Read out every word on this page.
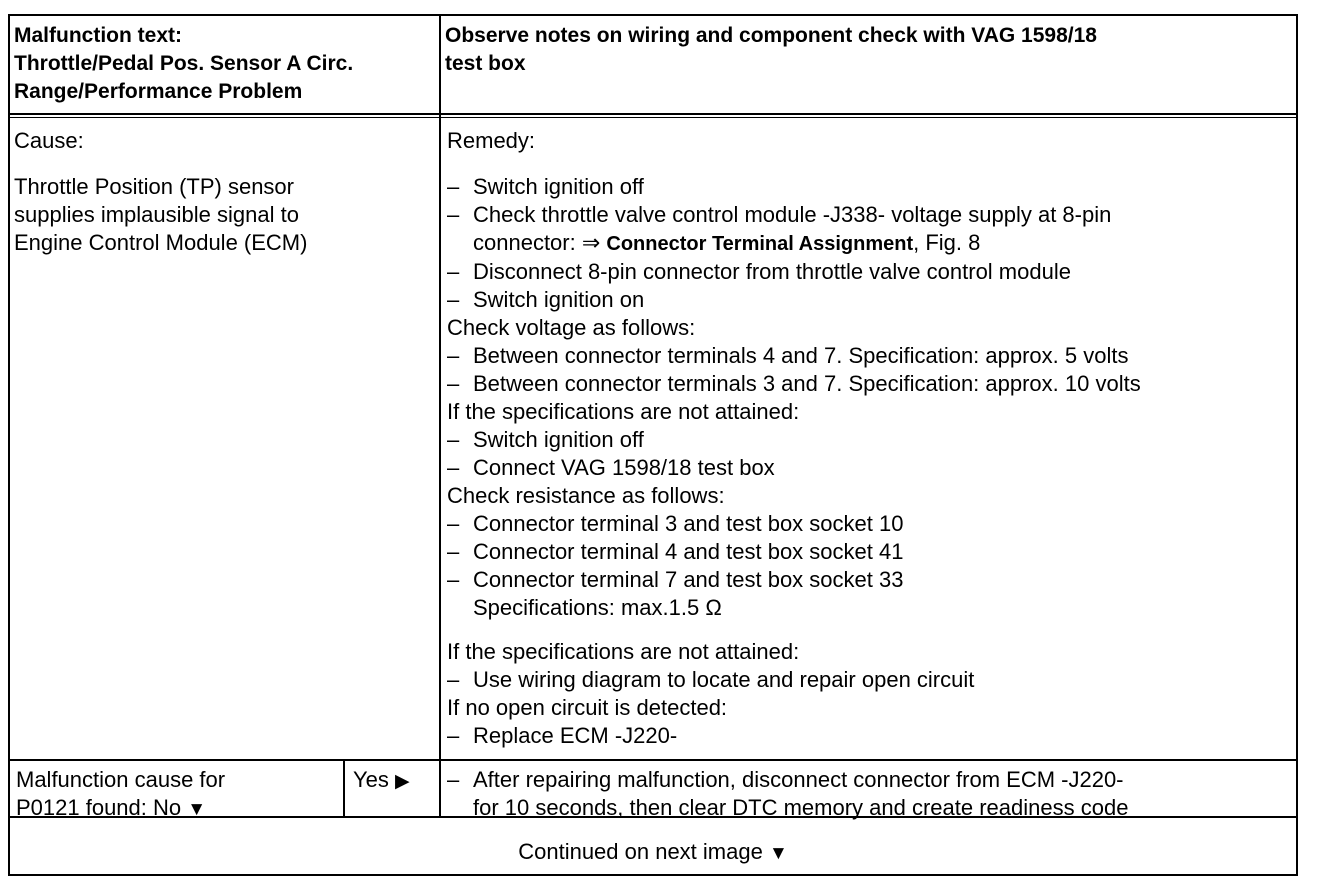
Malfunction text:
Throttle/Pedal Pos. Sensor A Circ.
Range/Performance Problem
Observe notes on wiring and component check with VAG 1598/18
test box
Cause:
Throttle Position (TP) sensor
supplies implausible signal to
Engine Control Module (ECM)
Remedy:
– Switch ignition off
– Check throttle valve control module -J338- voltage supply at 8-pin
connector: ⇒ Connector Terminal Assignment, Fig. 8
– Disconnect 8-pin connector from throttle valve control module
– Switch ignition on
Check voltage as follows:
– Between connector terminals 4 and 7. Specification: approx. 5 volts
– Between connector terminals 3 and 7. Specification: approx. 10 volts
If the specifications are not attained:
– Switch ignition off
– Connect VAG 1598/18 test box
Check resistance as follows:
– Connector terminal 3 and test box socket 10
– Connector terminal 4 and test box socket 41
– Connector terminal 7 and test box socket 33
Specifications: max.1.5 Ω
If the specifications are not attained:
– Use wiring diagram to locate and repair open circuit
If no open circuit is detected:
– Replace ECM -J220-
Malfunction cause for
P0121 found: No ▼
Yes ▶	– After repairing malfunction, disconnect connector from ECM -J220-
for 10 seconds, then clear DTC memory and create readiness code
Continued on next image ▼
